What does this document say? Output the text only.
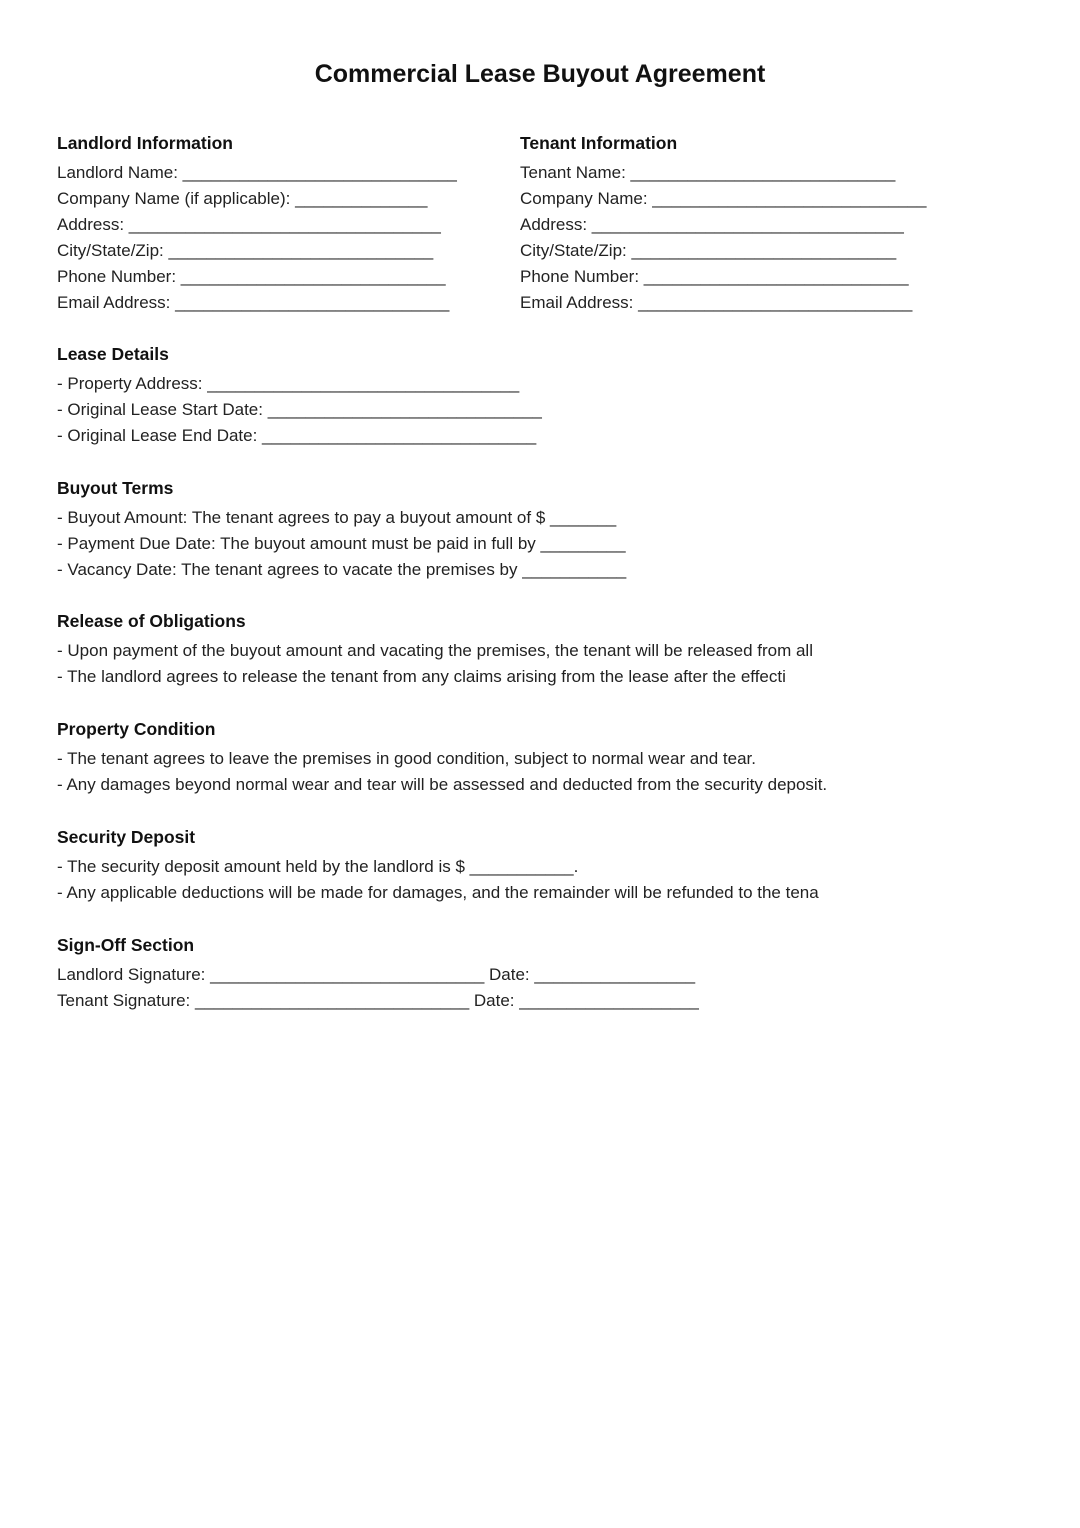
Commercial Lease Buyout Agreement
Landlord Information

Landlord Name: _____________________________

Company Name (if applicable): ______________

Address: _________________________________

City/State/Zip: ____________________________

Phone Number: ____________________________

Email Address: _____________________________

Tenant Information

Tenant Name: ____________________________

Company Name: _____________________________

Address: _________________________________

City/State/Zip: ____________________________

Phone Number: ____________________________

Email Address: _____________________________

Lease Details

- Property Address: _________________________________

- Original Lease Start Date: _____________________________

- Original Lease End Date: _____________________________

Buyout Terms

- Buyout Amount: The tenant agrees to pay a buyout amount of $ _______

- Payment Due Date: The buyout amount must be paid in full by _________

- Vacancy Date: The tenant agrees to vacate the premises by ___________

Release of Obligations

- Upon payment of the buyout amount and vacating the premises, the tenant will be released from all

- The landlord agrees to release the tenant from any claims arising from the lease after the effecti

Property Condition

- The tenant agrees to leave the premises in good condition, subject to normal wear and tear.

- Any damages beyond normal wear and tear will be assessed and deducted from the security deposit.

Security Deposit

- The security deposit amount held by the landlord is $ ___________.

- Any applicable deductions will be made for damages, and the remainder will be refunded to the tena

Sign-Off Section

Landlord Signature: _____________________________ Date: _________________

Tenant Signature: _____________________________ Date: ___________________
